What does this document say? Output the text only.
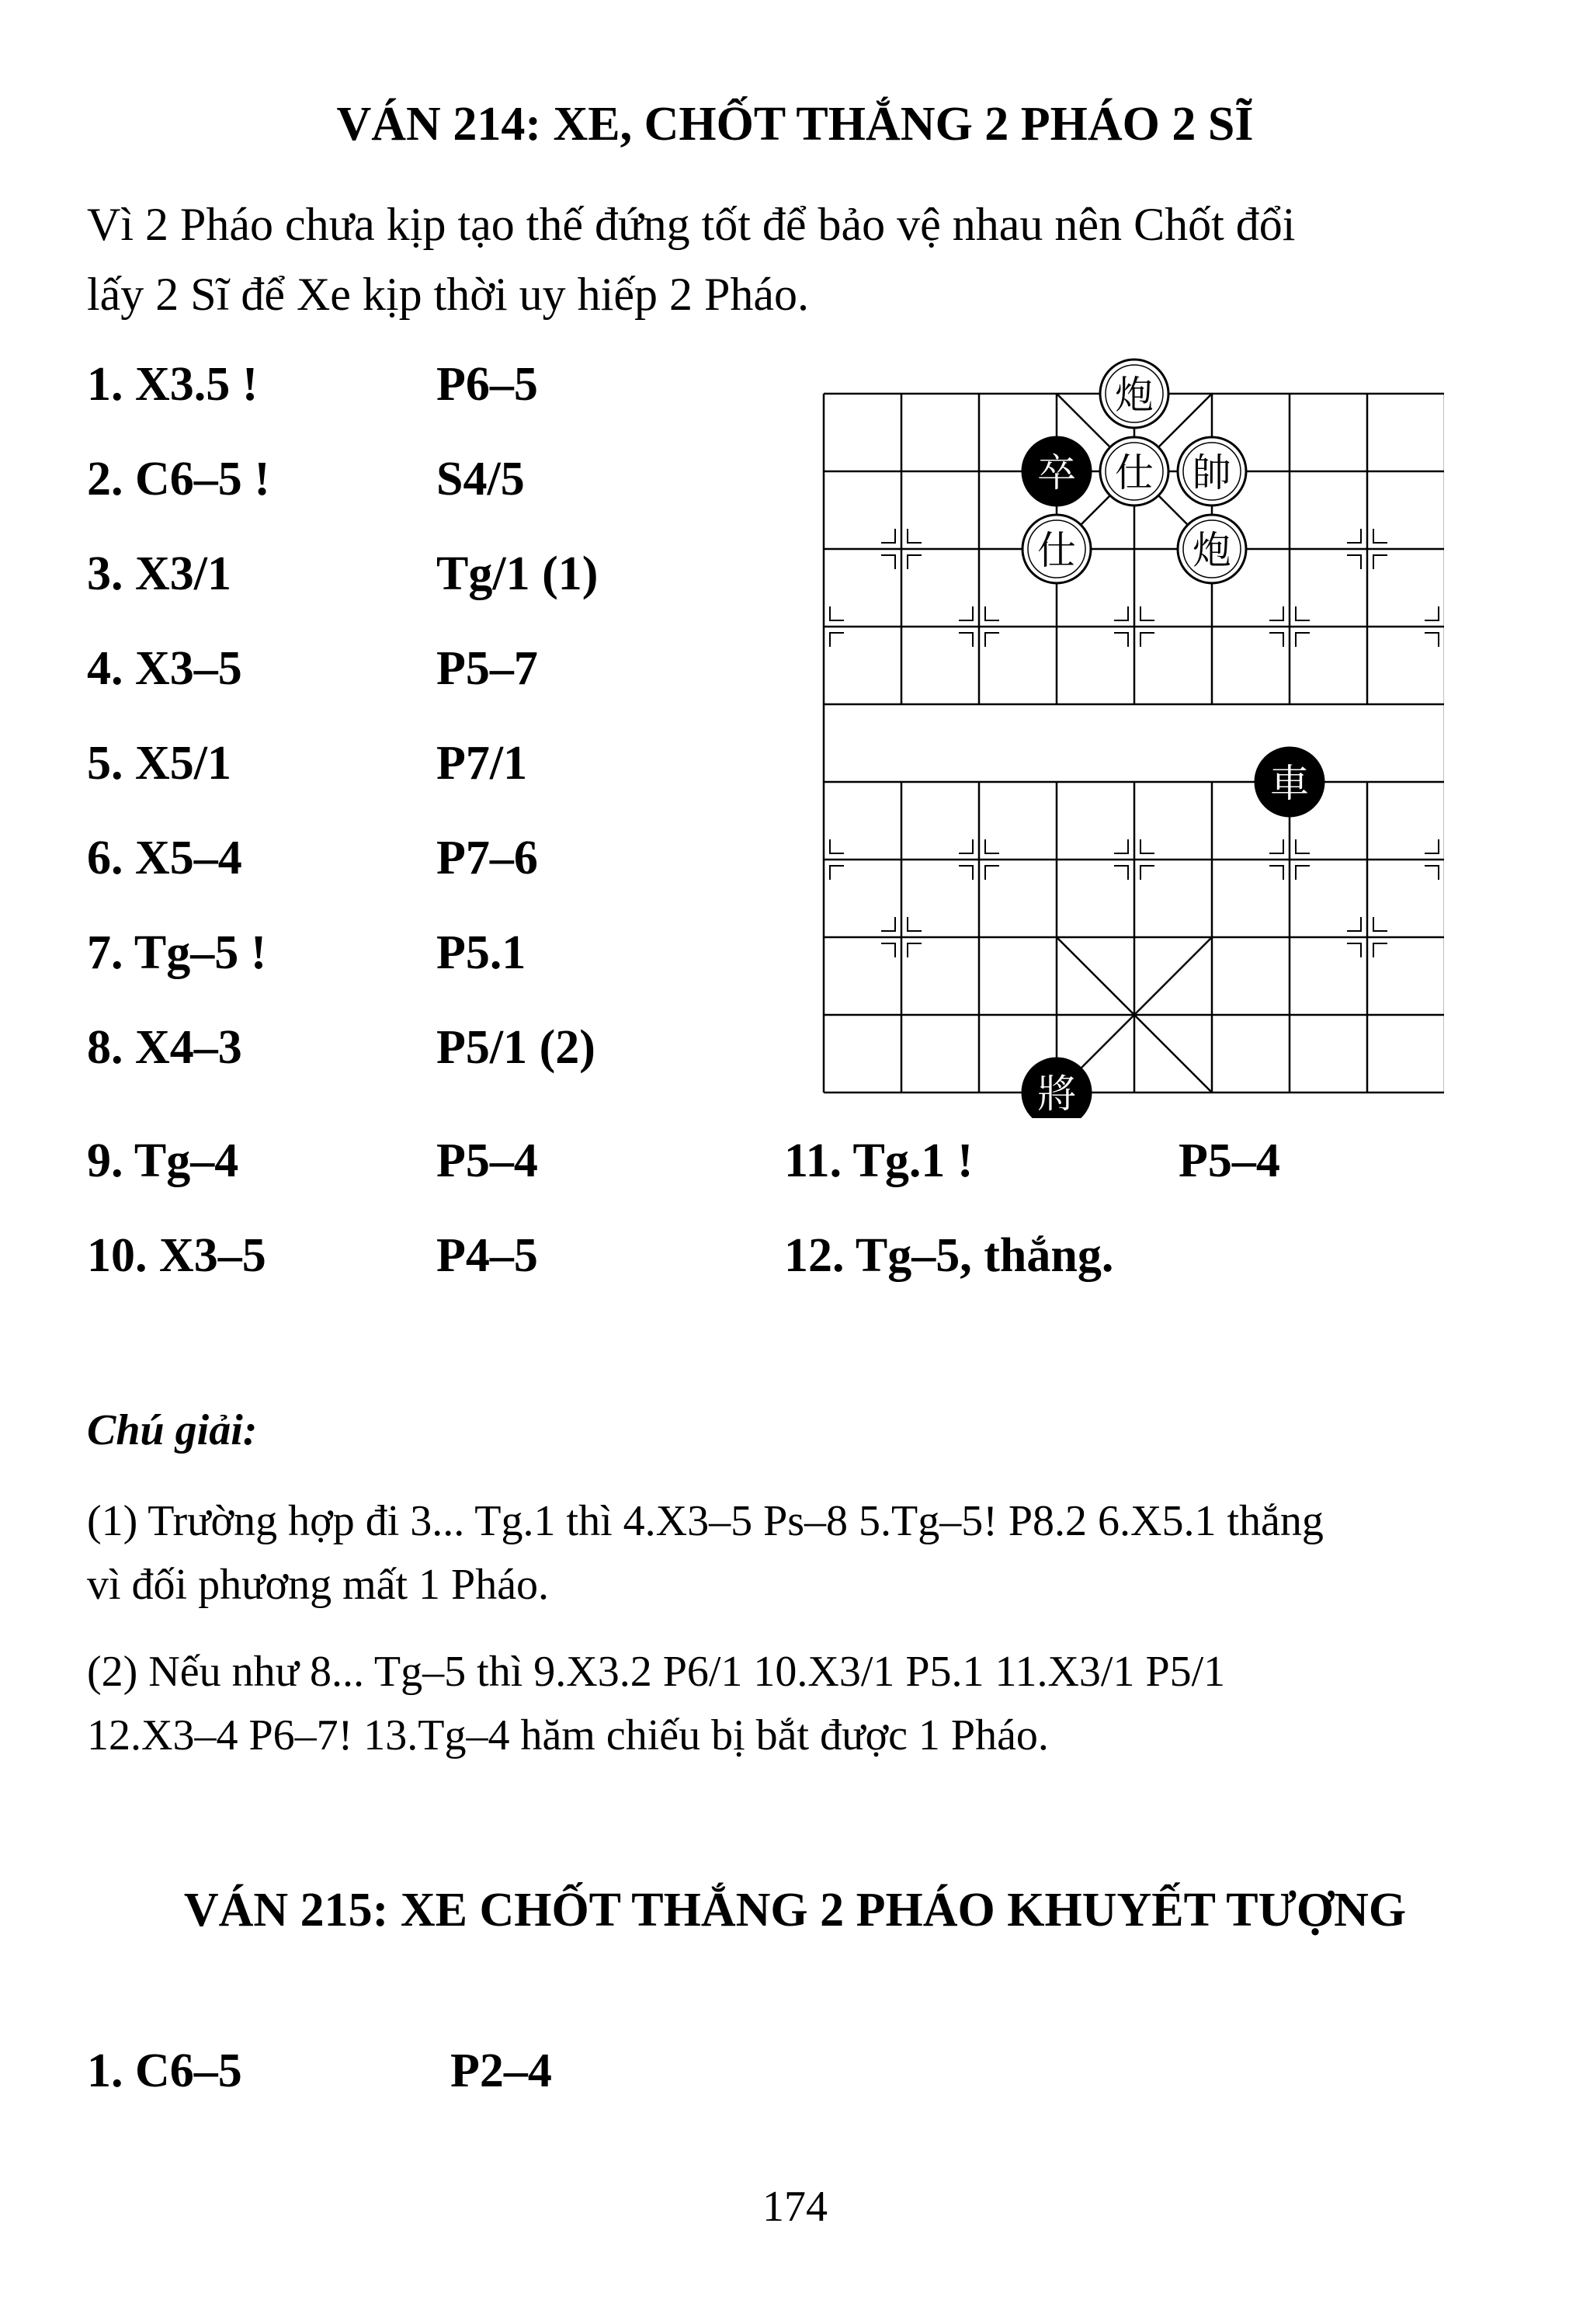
VÁN 214: XE, CHỐT THẮNG 2 PHÁO 2 SĨ
Vì 2 Pháo chưa kịp tạo thế đứng tốt để bảo vệ nhau nên Chốt đổi
lấy 2 Sĩ để Xe kịp thời uy hiếp 2 Pháo.
1. X3.5 !	P6–5
2. C6–5 !	S4/5
3. X3/1	Tg/1 (1)
4. X3–5	P5–7
5. X5/1	P7/1
6. X5–4	P7–6
7. Tg–5 !	P5.1
8. X4–3	P5/1 (2)
9. Tg–4	P5–4
10. X3–5	P4–5
11. Tg.1 !	P5–4
12. Tg–5, thắng.
炮
卒 仕 帥
仕	炮
車
將
Chú giải:
(1) Trường hợp đi 3... Tg.1 thì 4.X3–5 Ps–8 5.Tg–5! P8.2 6.X5.1 thắng
vì đối phương mất 1 Pháo.
(2) Nếu như 8... Tg–5 thì 9.X3.2 P6/1 10.X3/1 P5.1 11.X3/1 P5/1
12.X3–4 P6–7! 13.Tg–4 hăm chiếu bị bắt được 1 Pháo.
VÁN 215: XE CHỐT THẮNG 2 PHÁO KHUYẾT TƯỢNG
1. C6–5	P2–4
174
